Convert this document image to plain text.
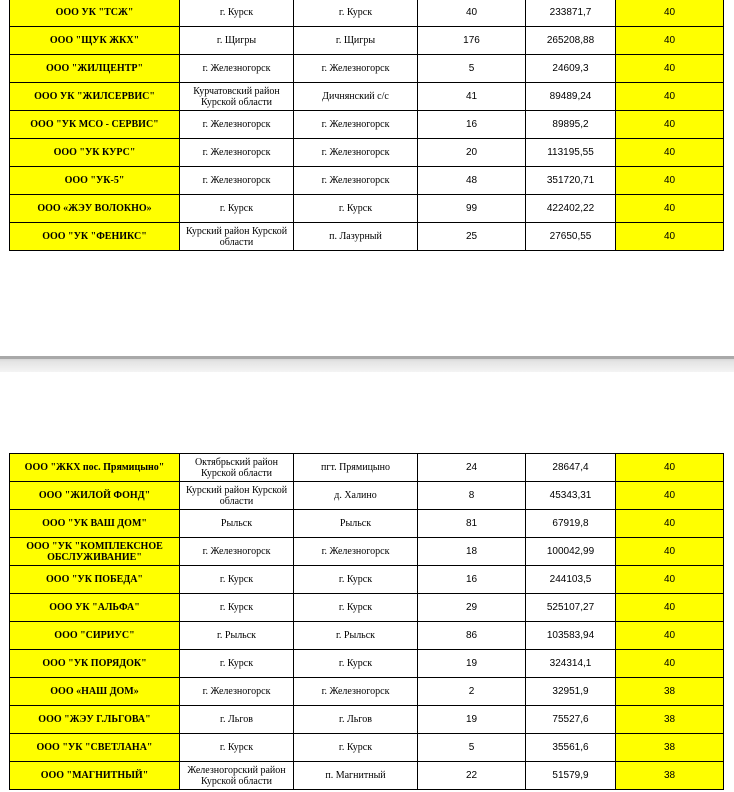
ООО УК "ТСЖ"	г. Курск	г. Курск	40	233871,7	40
ООО "ЩУК ЖКХ"	г. Щигры	г. Щигры	176	265208,88	40
ООО "ЖИЛЦЕНТР"	г. Железногорск	г. Железногорск	5	24609,3	40
ООО УК "ЖИЛСЕРВИС"	Курчатовский район Курской области	Дичнянский с/с	41	89489,24	40
ООО "УК МСО - СЕРВИС"	г. Железногорск	г. Железногорск	16	89895,2	40
ООО "УК КУРС"	г. Железногорск	г. Железногорск	20	113195,55	40
ООО "УК-5"	г. Железногорск	г. Железногорск	48	351720,71	40
ООО «ЖЭУ ВОЛОКНО»	г. Курск	г. Курск	99	422402,22	40
ООО "УК "ФЕНИКС"	Курский район Курской области	п. Лазурный	25	27650,55	40
ООО "ЖКХ пос. Прямицыно"	Октябрьский район Курской области	пгт. Прямицыно	24	28647,4	40
ООО "ЖИЛОЙ ФОНД"	Курский район Курской области	д. Халино	8	45343,31	40
ООО "УК ВАШ ДОМ"	Рыльск	Рыльск	81	67919,8	40
ООО "УК "КОМПЛЕКСНОЕ ОБСЛУЖИВАНИЕ"	г. Железногорск	г. Железногорск	18	100042,99	40
ООО "УК ПОБЕДА"	г. Курск	г. Курск	16	244103,5	40
ООО УК "АЛЬФА"	г. Курск	г. Курск	29	525107,27	40
ООО "СИРИУС"	г. Рыльск	г. Рыльск	86	103583,94	40
ООО "УК ПОРЯДОК"	г. Курск	г. Курск	19	324314,1	40
ООО «НАШ ДОМ»	г. Железногорск	г. Железногорск	2	32951,9	38
ООО "ЖЭУ Г.ЛЬГОВА"	г. Льгов	г. Льгов	19	75527,6	38
ООО "УК "СВЕТЛАНА"	г. Курск	г. Курск	5	35561,6	38
ООО "МАГНИТНЫЙ"	Железногорский район Курской области	п. Магнитный	22	51579,9	38
